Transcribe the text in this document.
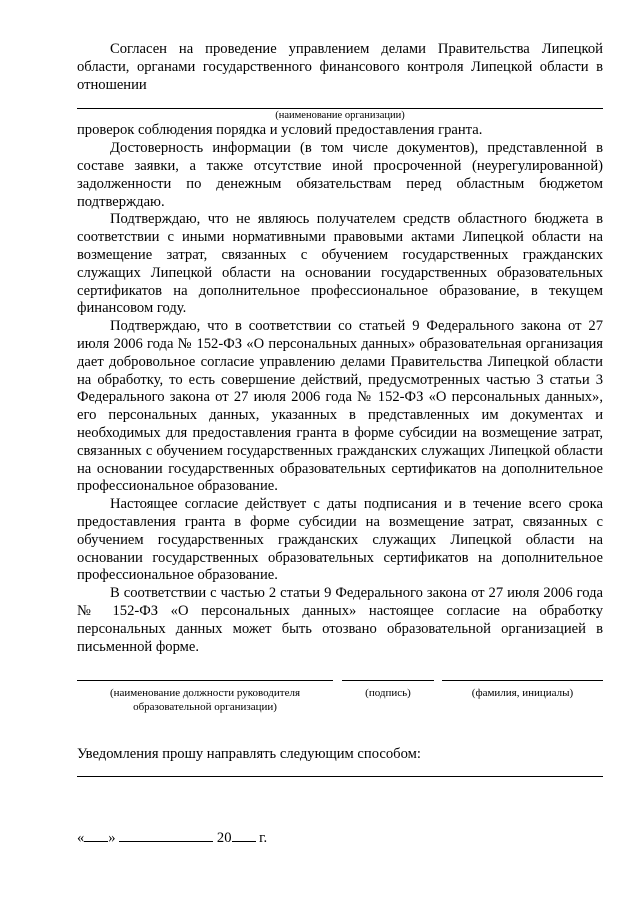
Согласен на проведение управлением делами Правительства Липецкой области, органами государственного финансового контроля Липецкой области в отношении

(наименование организации)

проверок соблюдения порядка и условий предоставления гранта.

Достоверность информации (в том числе документов), представленной в составе заявки, а также отсутствие иной просроченной (неурегулированной) задолженности по денежным обязательствам перед областным бюджетом подтверждаю.

Подтверждаю, что не являюсь получателем средств областного бюджета в соответствии с иными нормативными правовыми актами Липецкой области на возмещение затрат, связанных с обучением государственных гражданских служащих Липецкой области на основании государственных образовательных сертификатов на дополнительное профессиональное образование, в текущем финансовом году.

Подтверждаю, что в соответствии со статьей 9 Федерального закона от 27 июля 2006 года № 152-ФЗ «О персональных данных» образовательная организация дает добровольное согласие управлению делами Правительства Липецкой области на обработку, то есть совершение действий, предусмотренных частью 3 статьи 3 Федерального закона от 27 июля 2006 года № 152-ФЗ «О персональных данных», его персональных данных, указанных в представленных им документах и необходимых для предоставления гранта в форме субсидии на возмещение затрат, связанных с обучением государственных гражданских служащих Липецкой области на основании государственных образовательных сертификатов на дополнительное профессиональное образование.

Настоящее согласие действует с даты подписания и в течение всего срока предоставления гранта в форме субсидии на возмещение затрат, связанных с обучением государственных гражданских служащих Липецкой области на основании государственных образовательных сертификатов на дополнительное профессиональное образование.

В соответствии с частью 2 статьи 9 Федерального закона от 27 июля 2006 года № 152-ФЗ «О персональных данных» настоящее согласие на обработку персональных данных может быть отозвано образовательной организацией в письменной форме.

(наименование должности руководителя образовательной организации)
(подпись)	(фамилия, инициалы)
Уведомления прошу направлять следующим способом:
« »	20 г.
